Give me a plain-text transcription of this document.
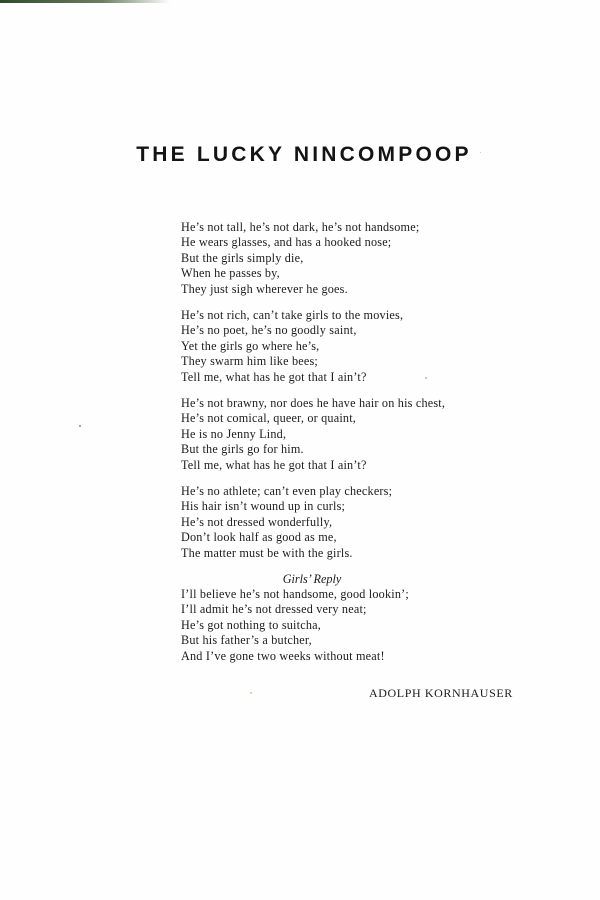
THE LUCKY NINCOMPOOP
He’s not tall, he’s not dark, he’s not handsome;
He wears glasses, and has a hooked nose;
But the girls simply die,
When he passes by,
They just sigh wherever he goes.
He’s not rich, can’t take girls to the movies,
He’s no poet, he’s no goodly saint,
Yet the girls go where he’s,
They swarm him like bees;
Tell me, what has he got that I ain’t?
He’s not brawny, nor does he have hair on his chest,
He’s not comical, queer, or quaint,
He is no Jenny Lind,
But the girls go for him.
Tell me, what has he got that I ain’t?
He’s no athlete; can’t even play checkers;
His hair isn’t wound up in curls;
He’s not dressed wonderfully,
Don’t look half as good as me,
The matter must be with the girls.

Girls’ Reply

I’ll believe he’s not handsome, good lookin’;
I’ll admit he’s not dressed very neat;
He’s got nothing to suitcha,
But his father’s a butcher,
And I’ve gone two weeks without meat!

ADOLPH KORNHAUSER
